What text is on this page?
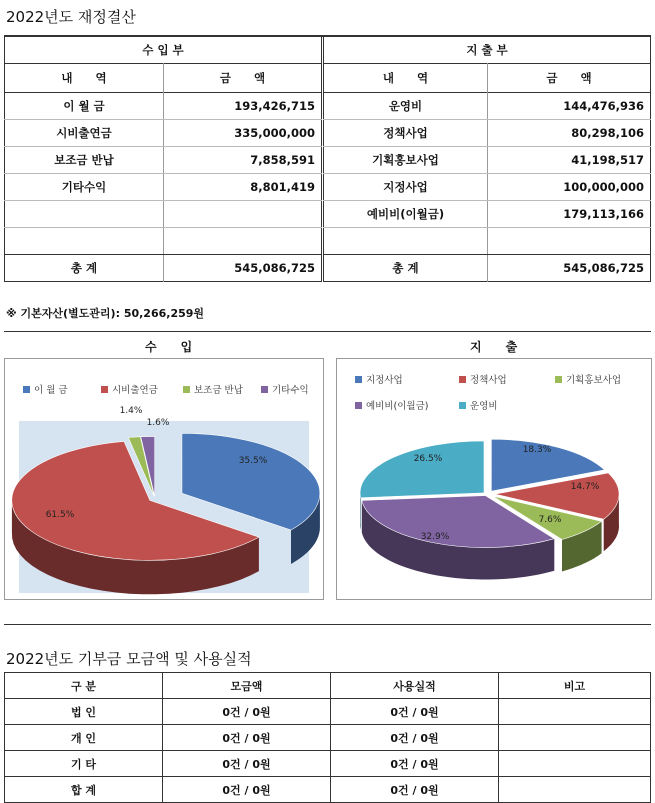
2022년도 재정결산
수 입 부	
내　　역	금　　액
이 월 금	193,426,715
시비출연금	335,000,000
보조금 반납	7,858,591
기타수익	8,801,419

총 계	545,086,725
지 출 부	
내　　역	금　　액
운영비	144,476,936
정책사업	80,298,106
기획홍보사업	41,198,517
지정사업	100,000,000
예비비(이월금)	179,113,166

총 계	545,086,725
※ 기본자산(별도관리): 50,266,259원
수　　입	지　　출
이 월 금	시비출연금	보조금 반납	기타수익
35.5%
61.5%
1.4%
1.6%
지정사업	정책사업	기획홍보사업
예비비(이월금)	운영비
18.3%
14.7%
7.6%
32.9%
26.5%
2022년도 기부금 모금액 및 사용실적
구 분	모금액	사용실적	비고
법 인	0건 / 0원	0건 / 0원	
개 인	0건 / 0원	0건 / 0원	
기 타	0건 / 0원	0건 / 0원	
합 계	0건 / 0원	0건 / 0원	
